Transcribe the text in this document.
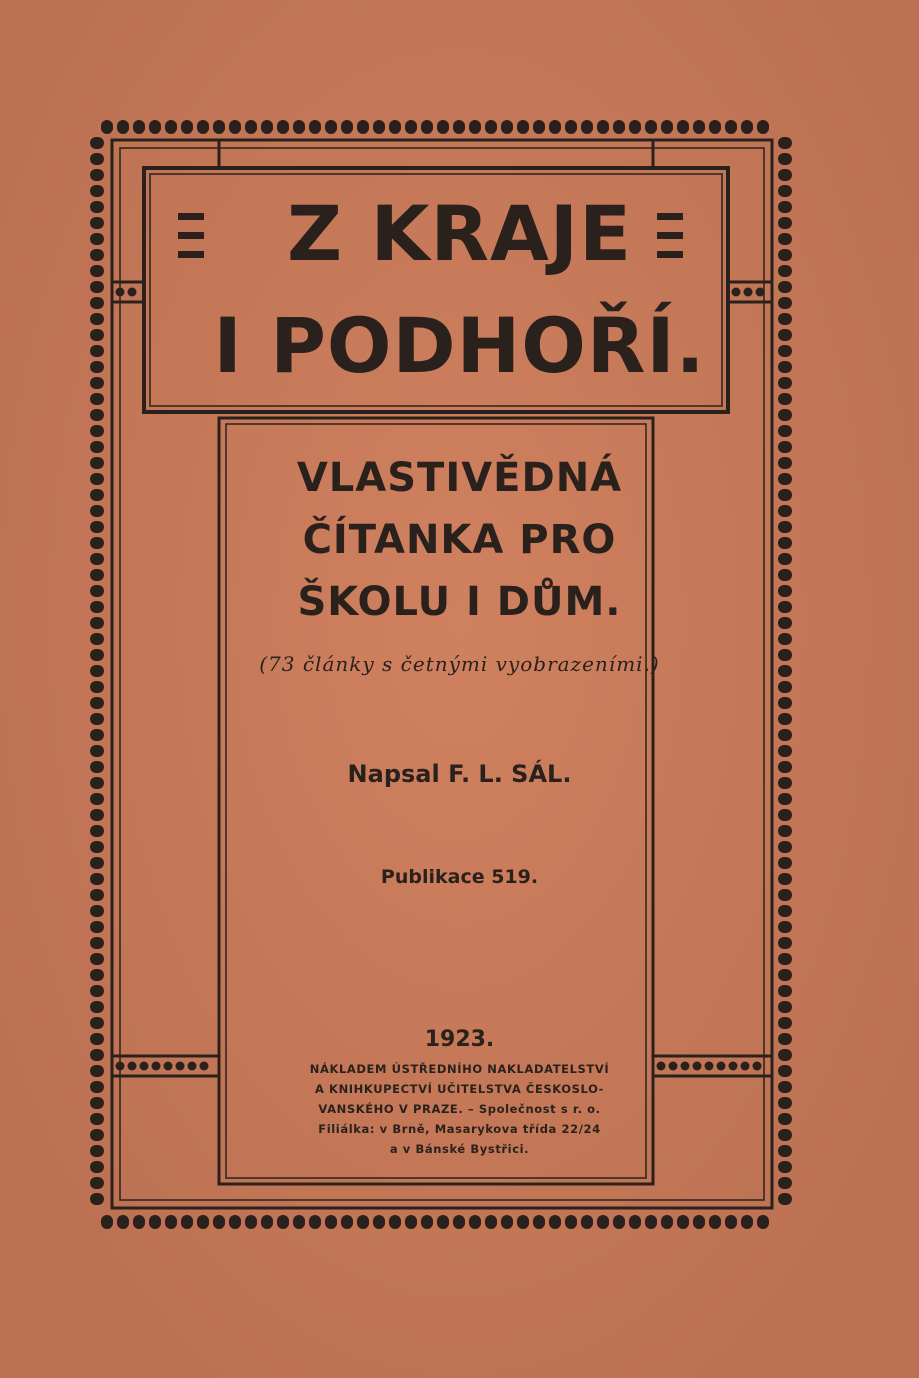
Z KRAJE
I PODHOŘÍ.
VLASTIVĚDNÁ
ČÍTANKA PRO
ŠKOLU I DŮM.
(73 články s četnými vyobrazeními.)
Napsal F. L. SÁL.
Publikace 519.
1923.
NÁKLADEM ÚSTŘEDNÍHO NAKLADATELSTVÍ
A KNIHKUPECTVÍ UČITELSTVA ČESKOSLO-
VANSKÉHO V PRAZE. – Společnost s r. o.
Filiálka: v Brně, Masarykova třída 22/24
a v Bánské Bystřici.
